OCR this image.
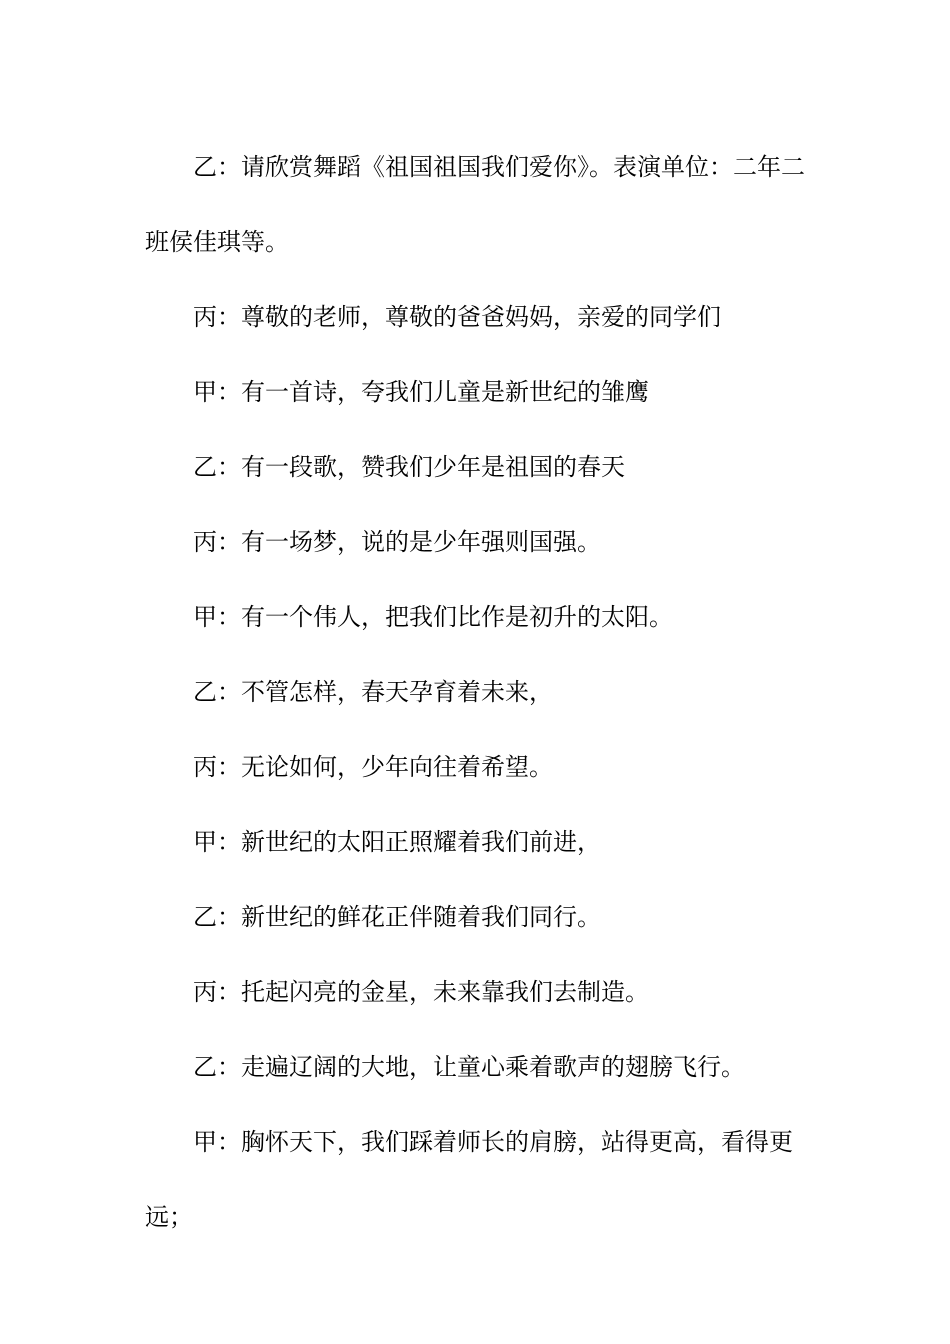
乙：请欣赏舞蹈《祖国祖国我们爱你》。表演单位：二年二班侯佳琪等。

丙：尊敬的老师，尊敬的爸爸妈妈，亲爱的同学们

甲：有一首诗，夸我们儿童是新世纪的雏鹰

乙：有一段歌，赞我们少年是祖国的春天

丙：有一场梦，说的是少年强则国强。

甲：有一个伟人，把我们比作是初升的太阳。

乙：不管怎样，春天孕育着未来，

丙：无论如何，少年向往着希望。

甲：新世纪的太阳正照耀着我们前进，

乙：新世纪的鲜花正伴随着我们同行。

丙：托起闪亮的金星，未来靠我们去制造。

乙：走遍辽阔的大地，让童心乘着歌声的翅膀飞行。

甲：胸怀天下，我们踩着师长的肩膀，站得更高，看得更远；
